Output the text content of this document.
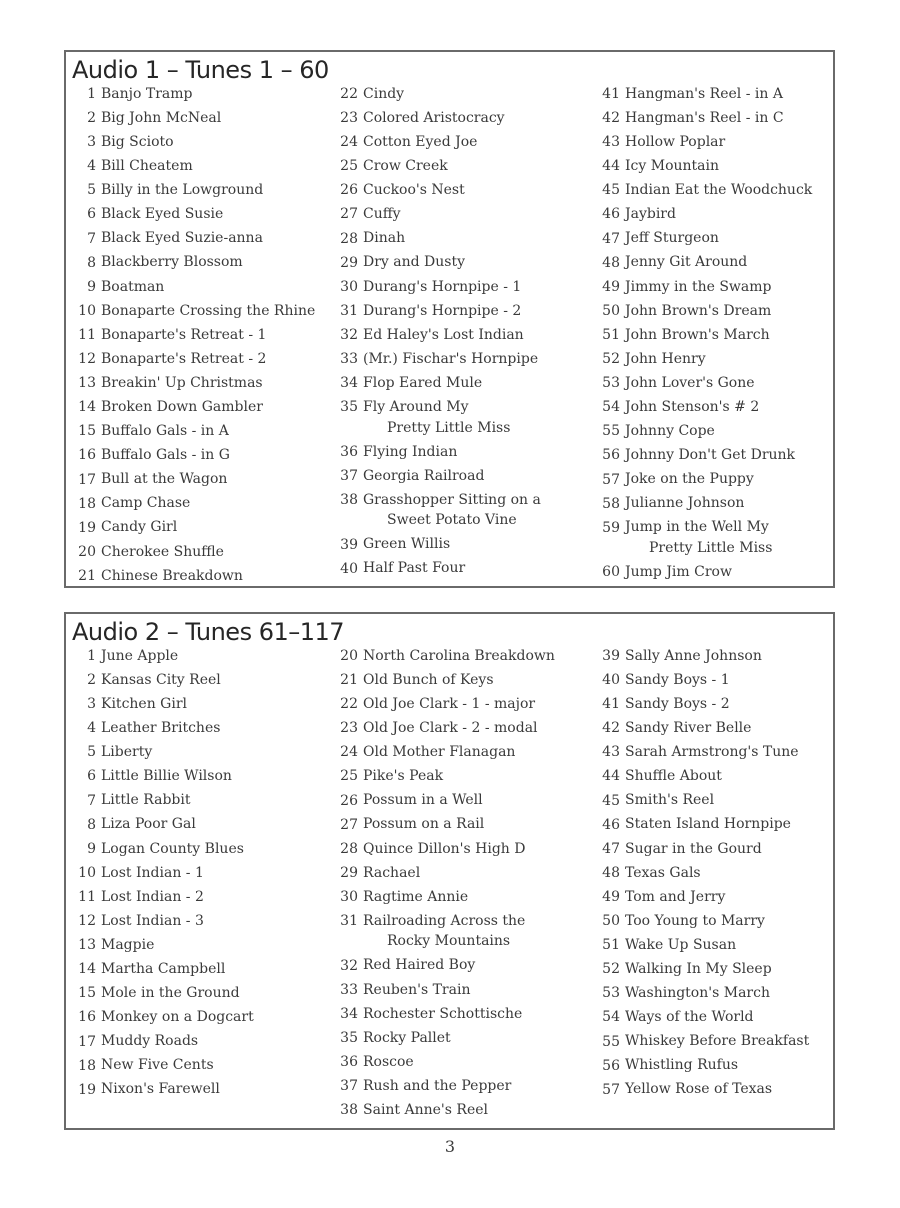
Audio 1 – Tunes 1 – 60
1 Banjo Tramp
2 Big John McNeal
3 Big Scioto
4 Bill Cheatem
5 Billy in the Lowground
6 Black Eyed Susie
7 Black Eyed Suzie-anna
8 Blackberry Blossom
9 Boatman
10 Bonaparte Crossing the Rhine
11 Bonaparte's Retreat - 1
12 Bonaparte's Retreat - 2
13 Breakin' Up Christmas
14 Broken Down Gambler
15 Buffalo Gals - in A
16 Buffalo Gals - in G
17 Bull at the Wagon
18 Camp Chase
19 Candy Girl
20 Cherokee Shuffle
21 Chinese Breakdown
22 Cindy
23 Colored Aristocracy
24 Cotton Eyed Joe
25 Crow Creek
26 Cuckoo's Nest
27 Cuffy
28 Dinah
29 Dry and Dusty
30 Durang's Hornpipe - 1
31 Durang's Hornpipe - 2
32 Ed Haley's Lost Indian
33 (Mr.) Fischar's Hornpipe
34 Flop Eared Mule
35 Fly Around My
Pretty Little Miss
36 Flying Indian
37 Georgia Railroad
38 Grasshopper Sitting on a
Sweet Potato Vine
39 Green Willis
40 Half Past Four
41 Hangman's Reel - in A
42 Hangman's Reel - in C
43 Hollow Poplar
44 Icy Mountain
45 Indian Eat the Woodchuck
46 Jaybird
47 Jeff Sturgeon
48 Jenny Git Around
49 Jimmy in the Swamp
50 John Brown's Dream
51 John Brown's March
52 John Henry
53 John Lover's Gone
54 John Stenson's # 2
55 Johnny Cope
56 Johnny Don't Get Drunk
57 Joke on the Puppy
58 Julianne Johnson
59 Jump in the Well My
Pretty Little Miss
60 Jump Jim Crow
Audio 2 – Tunes 61–117
1 June Apple
2 Kansas City Reel
3 Kitchen Girl
4 Leather Britches
5 Liberty
6 Little Billie Wilson
7 Little Rabbit
8 Liza Poor Gal
9 Logan County Blues
10 Lost Indian - 1
11 Lost Indian - 2
12 Lost Indian - 3
13 Magpie
14 Martha Campbell
15 Mole in the Ground
16 Monkey on a Dogcart
17 Muddy Roads
18 New Five Cents
19 Nixon's Farewell
20 North Carolina Breakdown
21 Old Bunch of Keys
22 Old Joe Clark - 1 - major
23 Old Joe Clark - 2 - modal
24 Old Mother Flanagan
25 Pike's Peak
26 Possum in a Well
27 Possum on a Rail
28 Quince Dillon's High D
29 Rachael
30 Ragtime Annie
31 Railroading Across the
Rocky Mountains
32 Red Haired Boy
33 Reuben's Train
34 Rochester Schottische
35 Rocky Pallet
36 Roscoe
37 Rush and the Pepper
38 Saint Anne's Reel
39 Sally Anne Johnson
40 Sandy Boys - 1
41 Sandy Boys - 2
42 Sandy River Belle
43 Sarah Armstrong's Tune
44 Shuffle About
45 Smith's Reel
46 Staten Island Hornpipe
47 Sugar in the Gourd
48 Texas Gals
49 Tom and Jerry
50 Too Young to Marry
51 Wake Up Susan
52 Walking In My Sleep
53 Washington's March
54 Ways of the World
55 Whiskey Before Breakfast
56 Whistling Rufus
57 Yellow Rose of Texas
3
